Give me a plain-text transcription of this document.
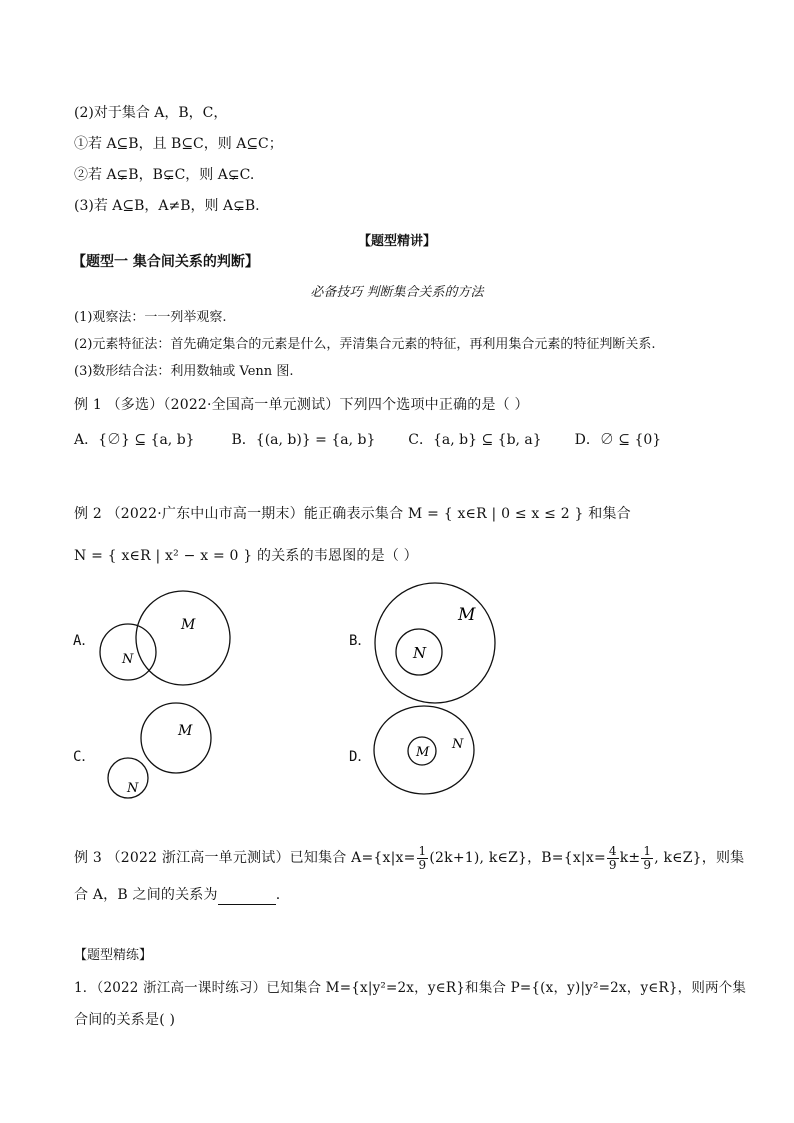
(2)对于集合 A，B，C，
①若 A⊆B，且 B⊆C，则 A⊆C；
②若 A⊊B，B⊊C，则 A⊊C.
(3)若 A⊆B，A≠B，则 A⊊B.
【题型精讲】
【题型一 集合间关系的判断】
必备技巧 判断集合关系的方法
(1)观察法：一一列举观察.
(2)元素特征法：首先确定集合的元素是什么，弄清集合元素的特征，再利用集合元素的特征判断关系.
(3)数形结合法：利用数轴或 Venn 图.
例 1 （多选）（2022·全国高一单元测试）下列四个选项中正确的是（ ）
A．{∅} ⊆ {a, b}	B．{(a, b)} = {a, b} C．{a, b} ⊆ {b, a} D．∅ ⊆ {0}
例 2 （2022·广东中山市高一期末）能正确表示集合 M = { x∈R | 0 ≤ x ≤ 2 } 和集合
N = { x∈R | x² − x = 0 } 的关系的韦恩图的是（ ）
A．
M
N
B．
M
N
C．
M
N
D．	M
N
例 3 （2022 浙江高一单元测试）已知集合 $A=\{x|x= \frac{1}{9} (2k+1)$, k∈Z}，$B=\{x|x= \frac{4}{9} k\pm \frac{1}{9}$ , k∈Z}，则集
合 A，B 之间的关系为	.
【题型精练】
1．（2022 浙江高一课时练习）已知集合 M={x|y²=2x，y∈R}和集合 P={(x，y)|y²=2x，y∈R}，则两个集
合间的关系是( )
